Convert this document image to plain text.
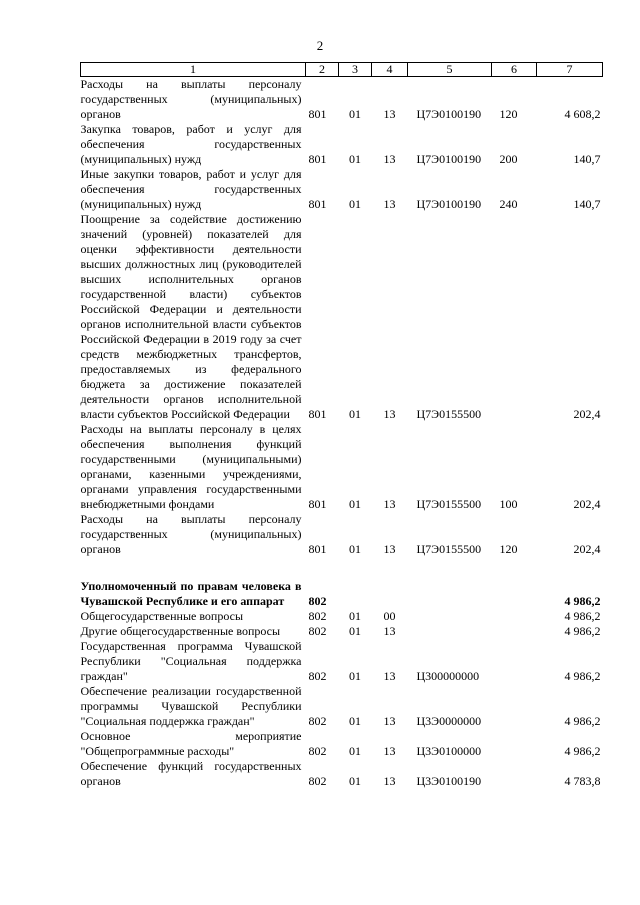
2
1	2	3	4	5	6	7
Расходы на выплаты персоналу государственных (муниципальных) органов	801	01	13	Ц7Э0100190	120	4 608,2
Закупка товаров, работ и услуг для обеспечения государственных (муниципальных) нужд	801	01	13	Ц7Э0100190	200	140,7
Иные закупки товаров, работ и услуг для обеспечения государственных (муниципальных) нужд	801	01	13	Ц7Э0100190	240	140,7
Поощрение за содействие достижению значений (уровней) показателей для оценки эффективности деятельности высших должностных лиц (руководителей высших исполнительных органов государственной власти) субъектов Российской Федерации и деятельности органов исполнительной власти субъектов Российской Федерации в 2019 году за счет средств межбюджетных трансфертов, предоставляемых из федерального бюджета за достижение показателей деятельности органов исполнительной власти субъектов Российской Федерации	801	01	13	Ц7Э0155500		202,4
Расходы на выплаты персоналу в целях обеспечения выполнения функций государственными (муниципальными) органами, казенными учреждениями, органами управления государственными внебюджетными фондами	801	01	13	Ц7Э0155500	100	202,4
Расходы на выплаты персоналу государственных (муниципальных) органов	801	01	13	Ц7Э0155500	120	202,4

Уполномоченный по правам человека в Чувашской Республике и его аппарат	802					4 986,2
Общегосударственные вопросы	802	01	00			4 986,2
Другие общегосударственные вопросы	802	01	13			4 986,2
Государственная программа Чувашской Республики "Социальная поддержка граждан"	802	01	13	Ц300000000		4 986,2
Обеспечение реализации государственной программы Чувашской Республики "Социальная поддержка граждан"	802	01	13	Ц3Э0000000		4 986,2
Основное мероприятие "Общепрограммные расходы"	802	01	13	Ц3Э0100000		4 986,2
Обеспечение функций государственных органов	802	01	13	Ц3Э0100190		4 783,8
